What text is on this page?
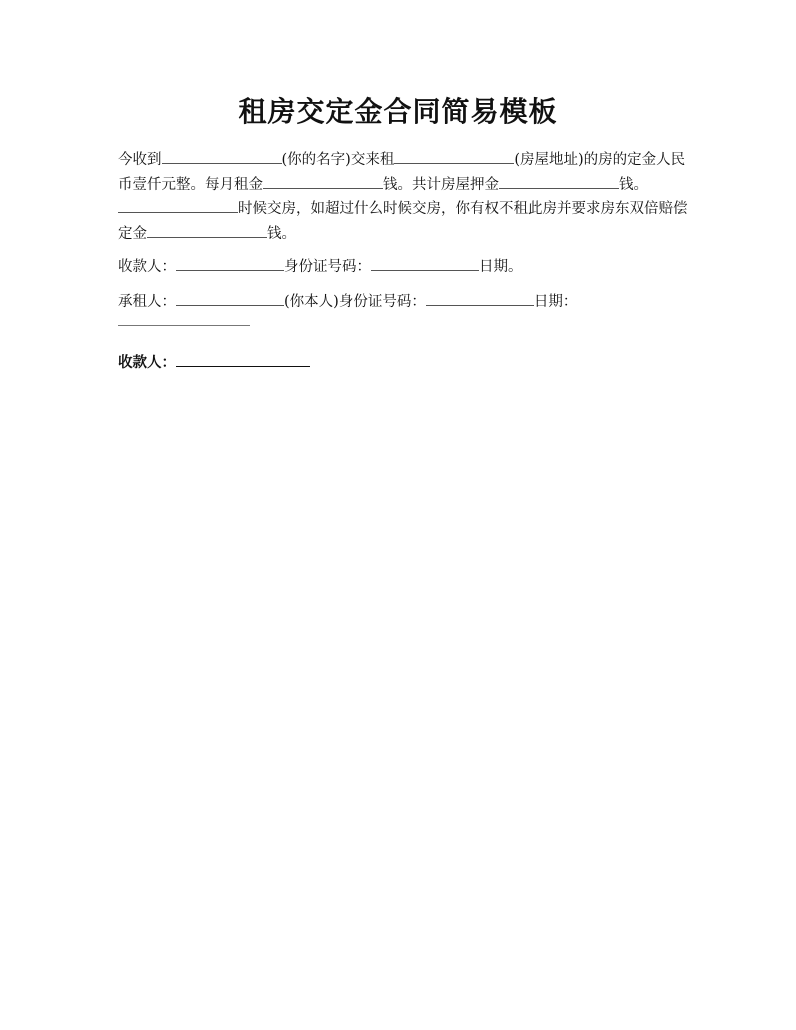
租房交定金合同简易模板
今收到	(你的名字)交来租	(房屋地址)的房的定金人民币壹仟元整。每月租金	钱。共计房屋押金	钱。时候交房，如超过什么时候交房，你有权不租此房并要求房东双倍赔偿定金	钱。
收款人：	身份证号码：	日期。
承租人：	(你本人)身份证号码：	日期：
收款人：
